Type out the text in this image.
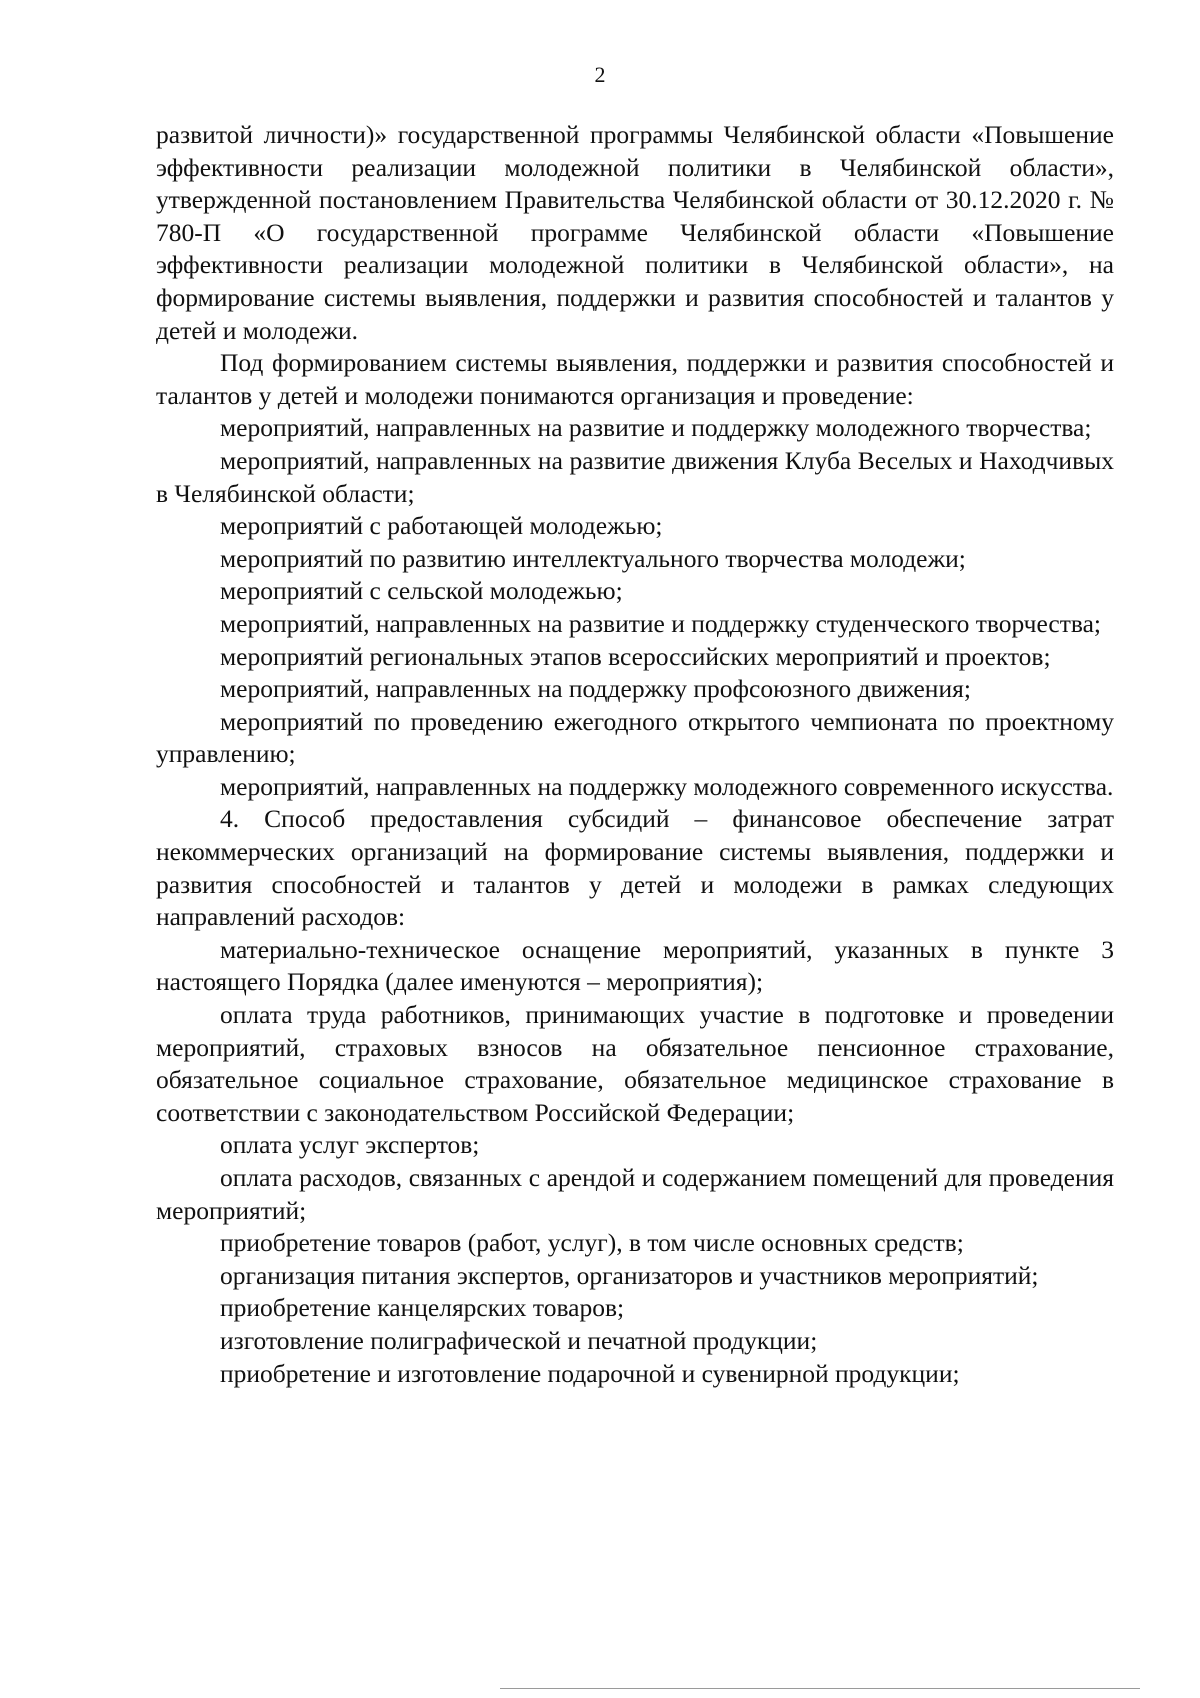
2

развитой личности)» государственной программы Челябинской области «Повышение эффективности реализации молодежной политики в Челябинской области», утвержденной постановлением Правительства Челябинской области от 30.12.2020 г. № 780-П «О государственной программе Челябинской области «Повышение эффективности реализации молодежной политики в Челябинской области», на формирование системы выявления, поддержки и развития способностей и талантов у детей и молодежи.

Под формированием системы выявления, поддержки и развития способностей и талантов у детей и молодежи понимаются организация и проведение:

мероприятий, направленных на развитие и поддержку молодежного творчества;

мероприятий, направленных на развитие движения Клуба Веселых и Находчивых в Челябинской области;

мероприятий с работающей молодежью;

мероприятий по развитию интеллектуального творчества молодежи;

мероприятий с сельской молодежью;

мероприятий, направленных на развитие и поддержку студенческого творчества;

мероприятий региональных этапов всероссийских мероприятий и проектов;

мероприятий, направленных на поддержку профсоюзного движения;

мероприятий по проведению ежегодного открытого чемпионата по проектному управлению;

мероприятий, направленных на поддержку молодежного современного искусства.

4. Способ предоставления субсидий – финансовое обеспечение затрат некоммерческих организаций на формирование системы выявления, поддержки и развития способностей и талантов у детей и молодежи в рамках следующих направлений расходов:

материально-техническое оснащение мероприятий, указанных в пункте 3 настоящего Порядка (далее именуются – мероприятия);

оплата труда работников, принимающих участие в подготовке и проведении мероприятий, страховых взносов на обязательное пенсионное страхование, обязательное социальное страхование, обязательное медицинское страхование в соответствии с законодательством Российской Федерации;

оплата услуг экспертов;

оплата расходов, связанных с арендой и содержанием помещений для проведения мероприятий;

приобретение товаров (работ, услуг), в том числе основных средств;

организация питания экспертов, организаторов и участников мероприятий;

приобретение канцелярских товаров;

изготовление полиграфической и печатной продукции;

приобретение и изготовление подарочной и сувенирной продукции;
